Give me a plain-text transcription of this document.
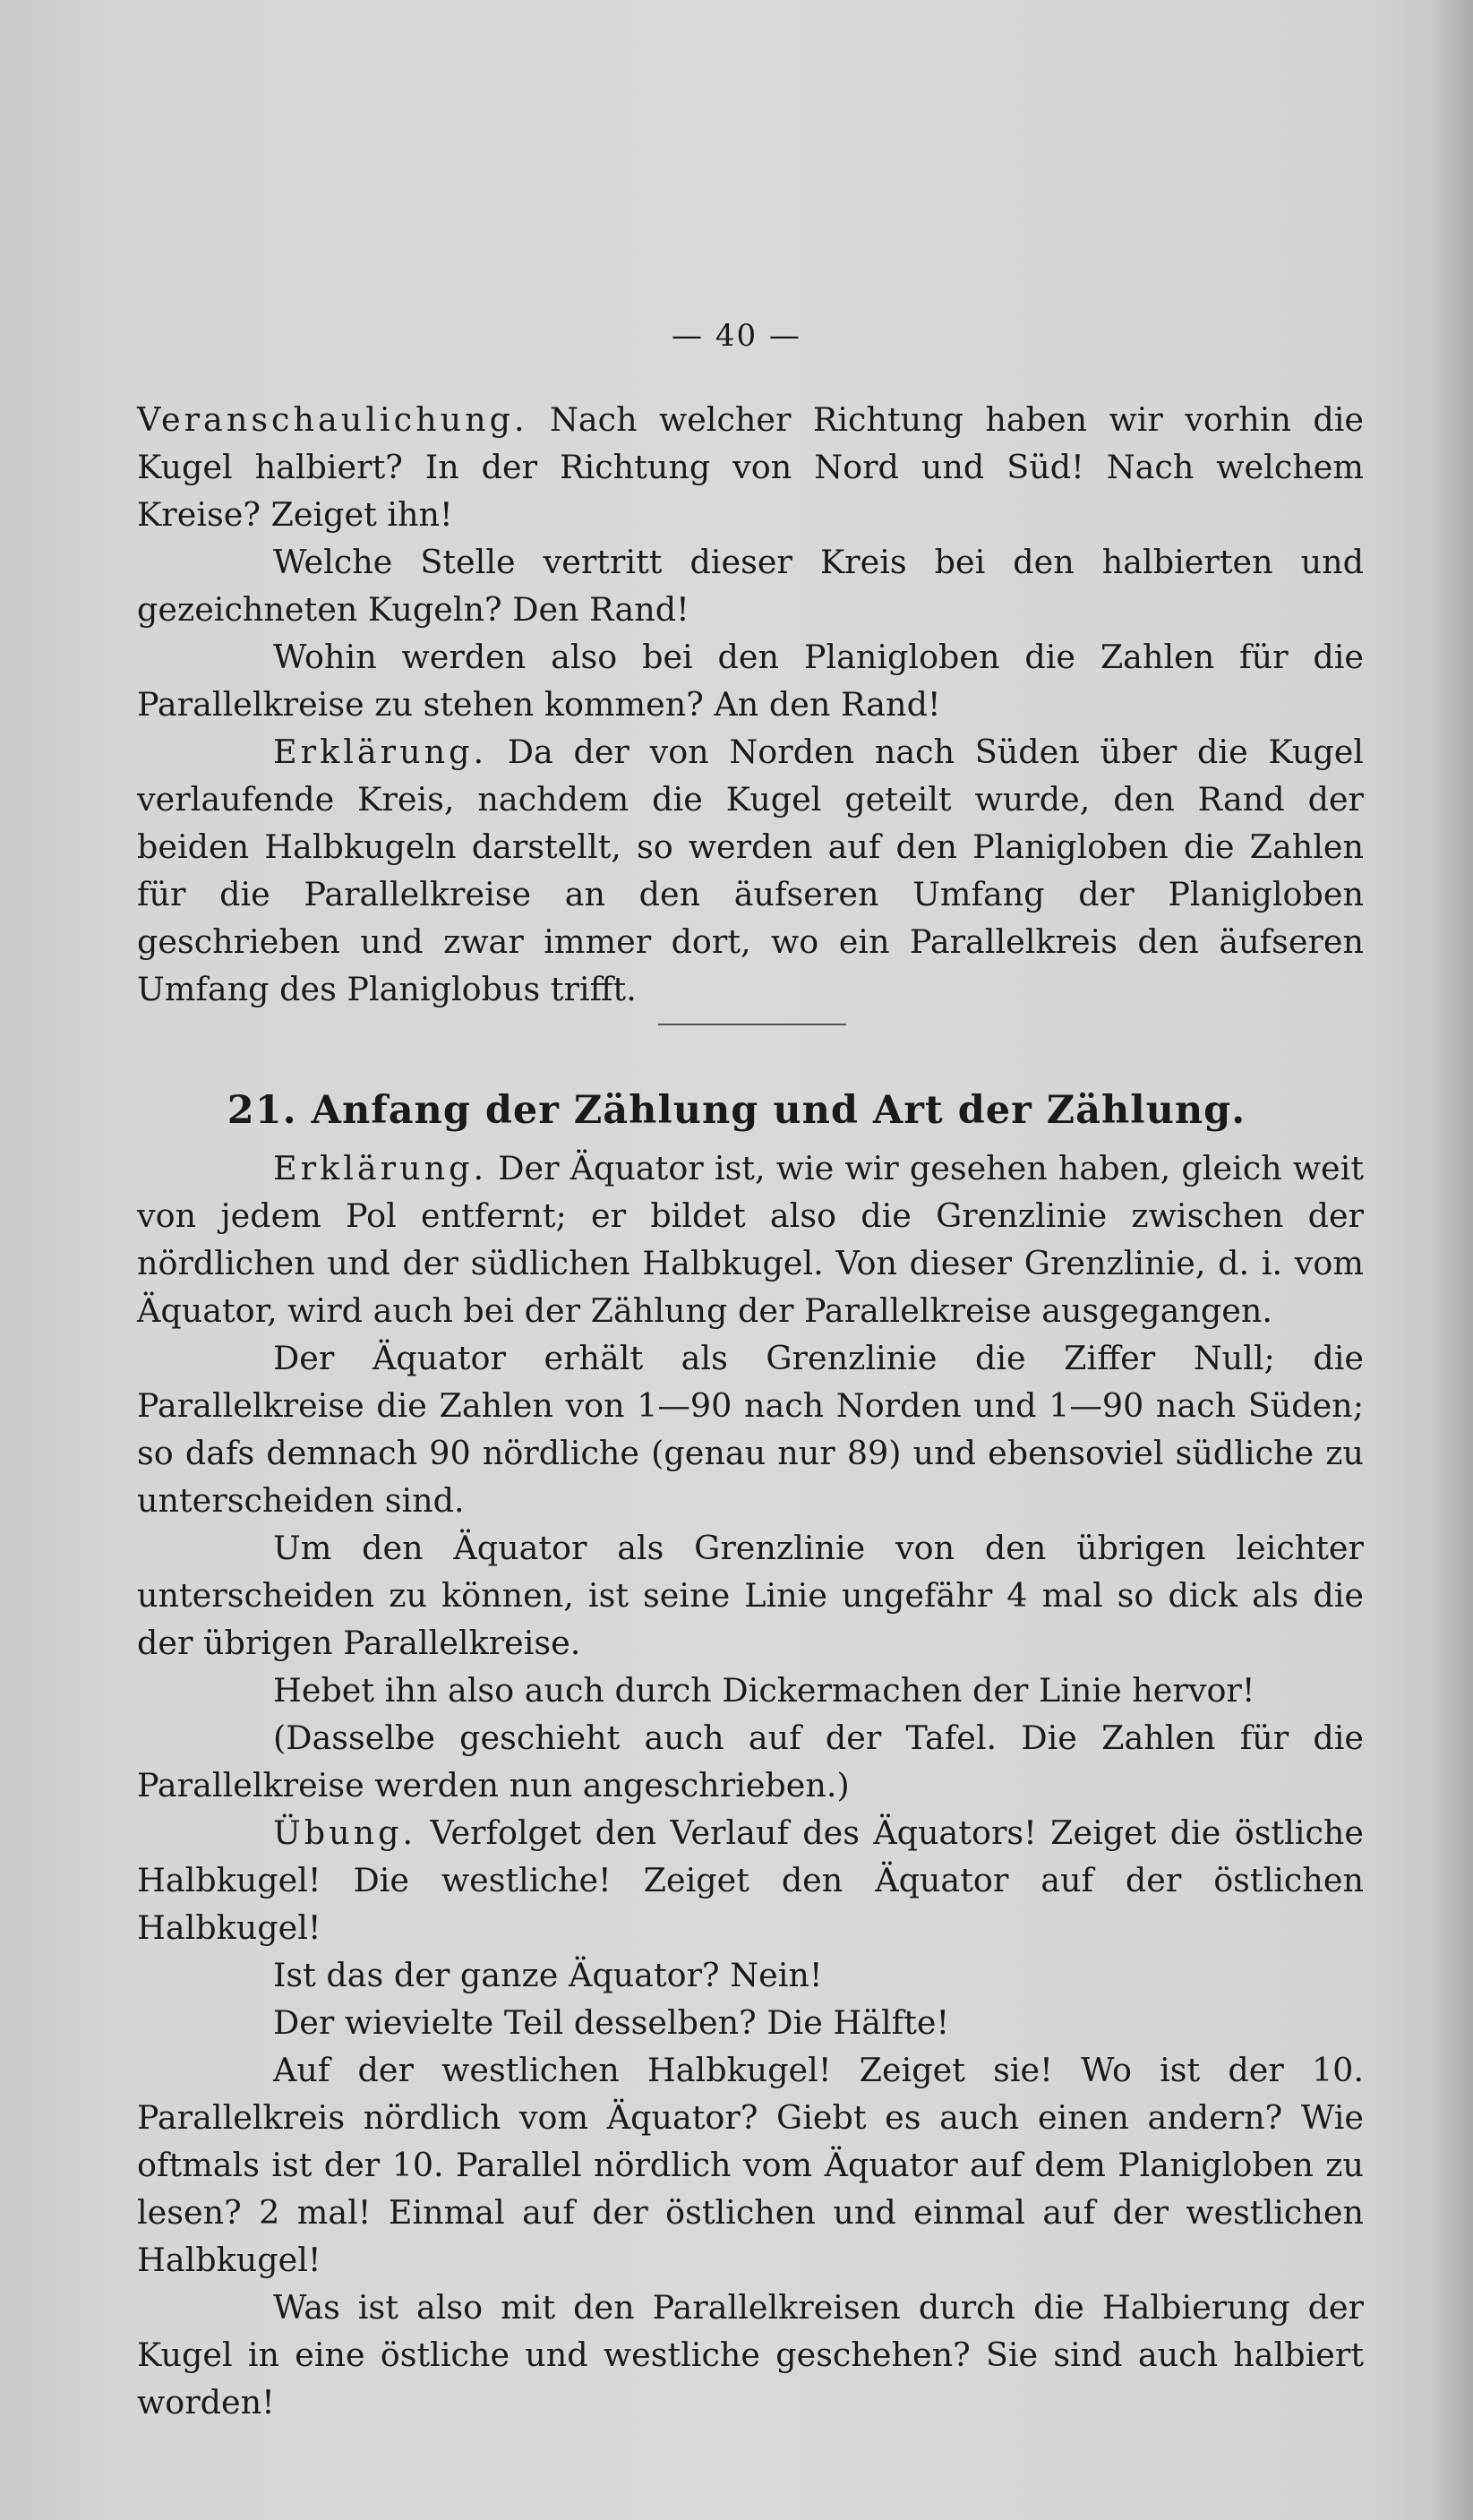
— 40 —

Veranschaulichung. Nach welcher Richtung haben wir vorhin die Kugel halbiert? In der Richtung von Nord und Süd! Nach welchem Kreise? Zeiget ihn!

Welche Stelle vertritt dieser Kreis bei den halbierten und gezeichneten Kugeln? Den Rand!

Wohin werden also bei den Planigloben die Zahlen für die Parallelkreise zu stehen kommen? An den Rand!

Erklärung. Da der von Norden nach Süden über die Kugel verlaufende Kreis, nachdem die Kugel geteilt wurde, den Rand der beiden Halbkugeln darstellt, so werden auf den Planigloben die Zahlen für die Parallelkreise an den äufseren Umfang der Planigloben geschrieben und zwar immer dort, wo ein Parallelkreis den äufseren Umfang des Planiglobus trifft.

21. Anfang der Zählung und Art der Zählung.

Erklärung. Der Äquator ist, wie wir gesehen haben, gleich weit von jedem Pol entfernt; er bildet also die Grenzlinie zwischen der nördlichen und der südlichen Halbkugel. Von dieser Grenzlinie, d. i. vom Äquator, wird auch bei der Zählung der Parallelkreise ausgegangen.

Der Äquator erhält als Grenzlinie die Ziffer Null; die Parallelkreise die Zahlen von 1—90 nach Norden und 1—90 nach Süden; so dafs demnach 90 nördliche (genau nur 89) und ebensoviel südliche zu unterscheiden sind.

Um den Äquator als Grenzlinie von den übrigen leichter unterscheiden zu können, ist seine Linie ungefähr 4 mal so dick als die der übrigen Parallelkreise.

Hebet ihn also auch durch Dickermachen der Linie hervor!

(Dasselbe geschieht auch auf der Tafel. Die Zahlen für die Parallelkreise werden nun angeschrieben.)

Übung. Verfolget den Verlauf des Äquators! Zeiget die östliche Halbkugel! Die westliche! Zeiget den Äquator auf der östlichen Halbkugel!

Ist das der ganze Äquator? Nein!

Der wievielte Teil desselben? Die Hälfte!

Auf der westlichen Halbkugel! Zeiget sie! Wo ist der 10. Parallelkreis nördlich vom Äquator? Giebt es auch einen andern? Wie oftmals ist der 10. Parallel nördlich vom Äquator auf dem Planigloben zu lesen? 2 mal! Einmal auf der östlichen und einmal auf der westlichen Halbkugel!

Was ist also mit den Parallelkreisen durch die Halbierung der Kugel in eine östliche und westliche geschehen? Sie sind auch halbiert worden!
